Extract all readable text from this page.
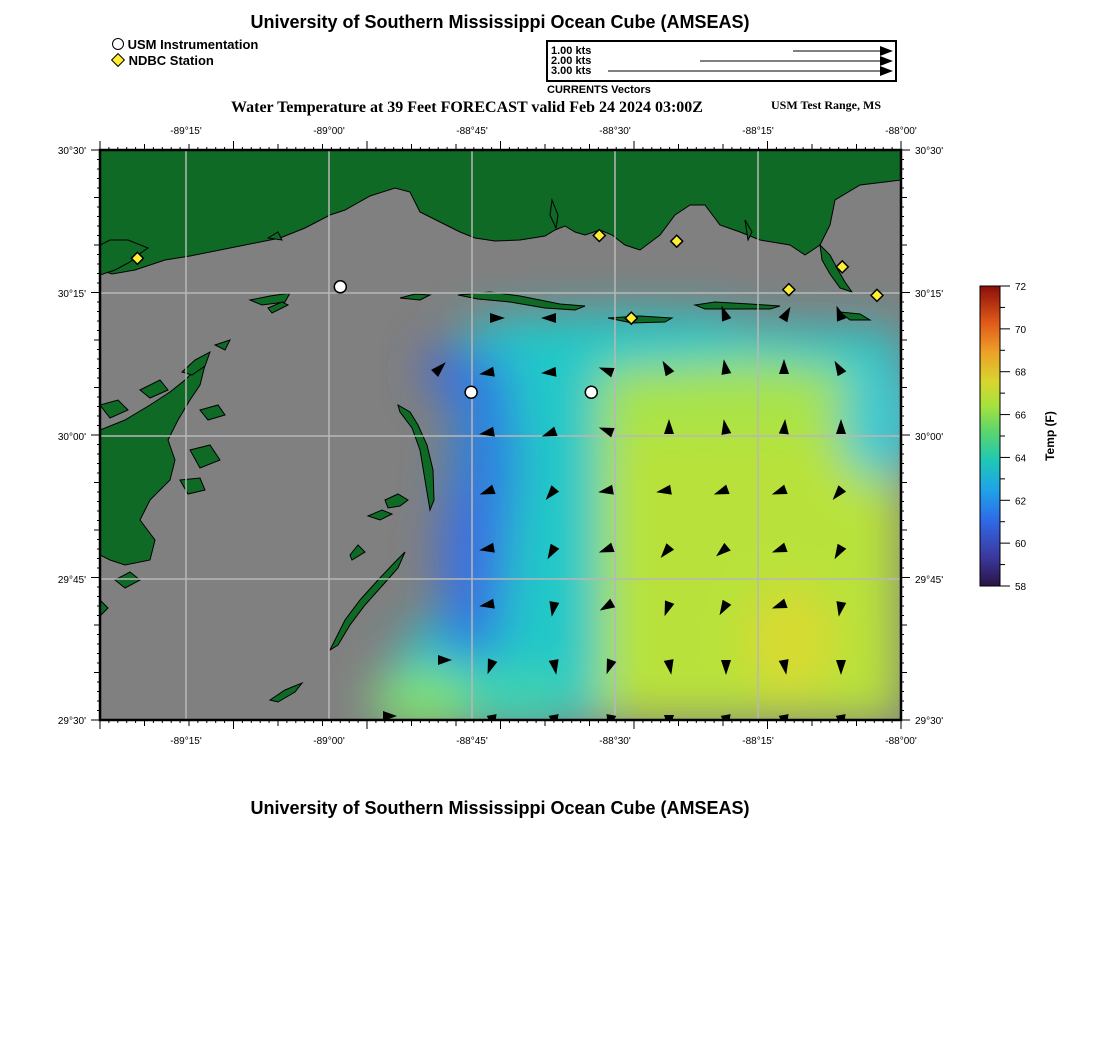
University of Southern Mississippi Ocean Cube (AMSEAS)
USM Instrumentation
NDBC Station
1.00 kts
2.00 kts
3.00 kts
CURRENTS Vectors
Water Temperature at 39 Feet FORECAST valid Feb 24 2024 03:00Z	USM Test Range, MS
-89°15'	-89°00'	-88°45'	-88°30'	-88°15'	-88°00'
-89°15'	-89°00'	-88°45'	-88°30'	-88°15'	-88°00'
30°30'
30°15'
30°00'
29°45'
29°30'
30°30'
30°15'
30°00'
29°45'
29°30'
72
70
68
66
64
62
60
58
Temp (F)
University of Southern Mississippi Ocean Cube (AMSEAS)
